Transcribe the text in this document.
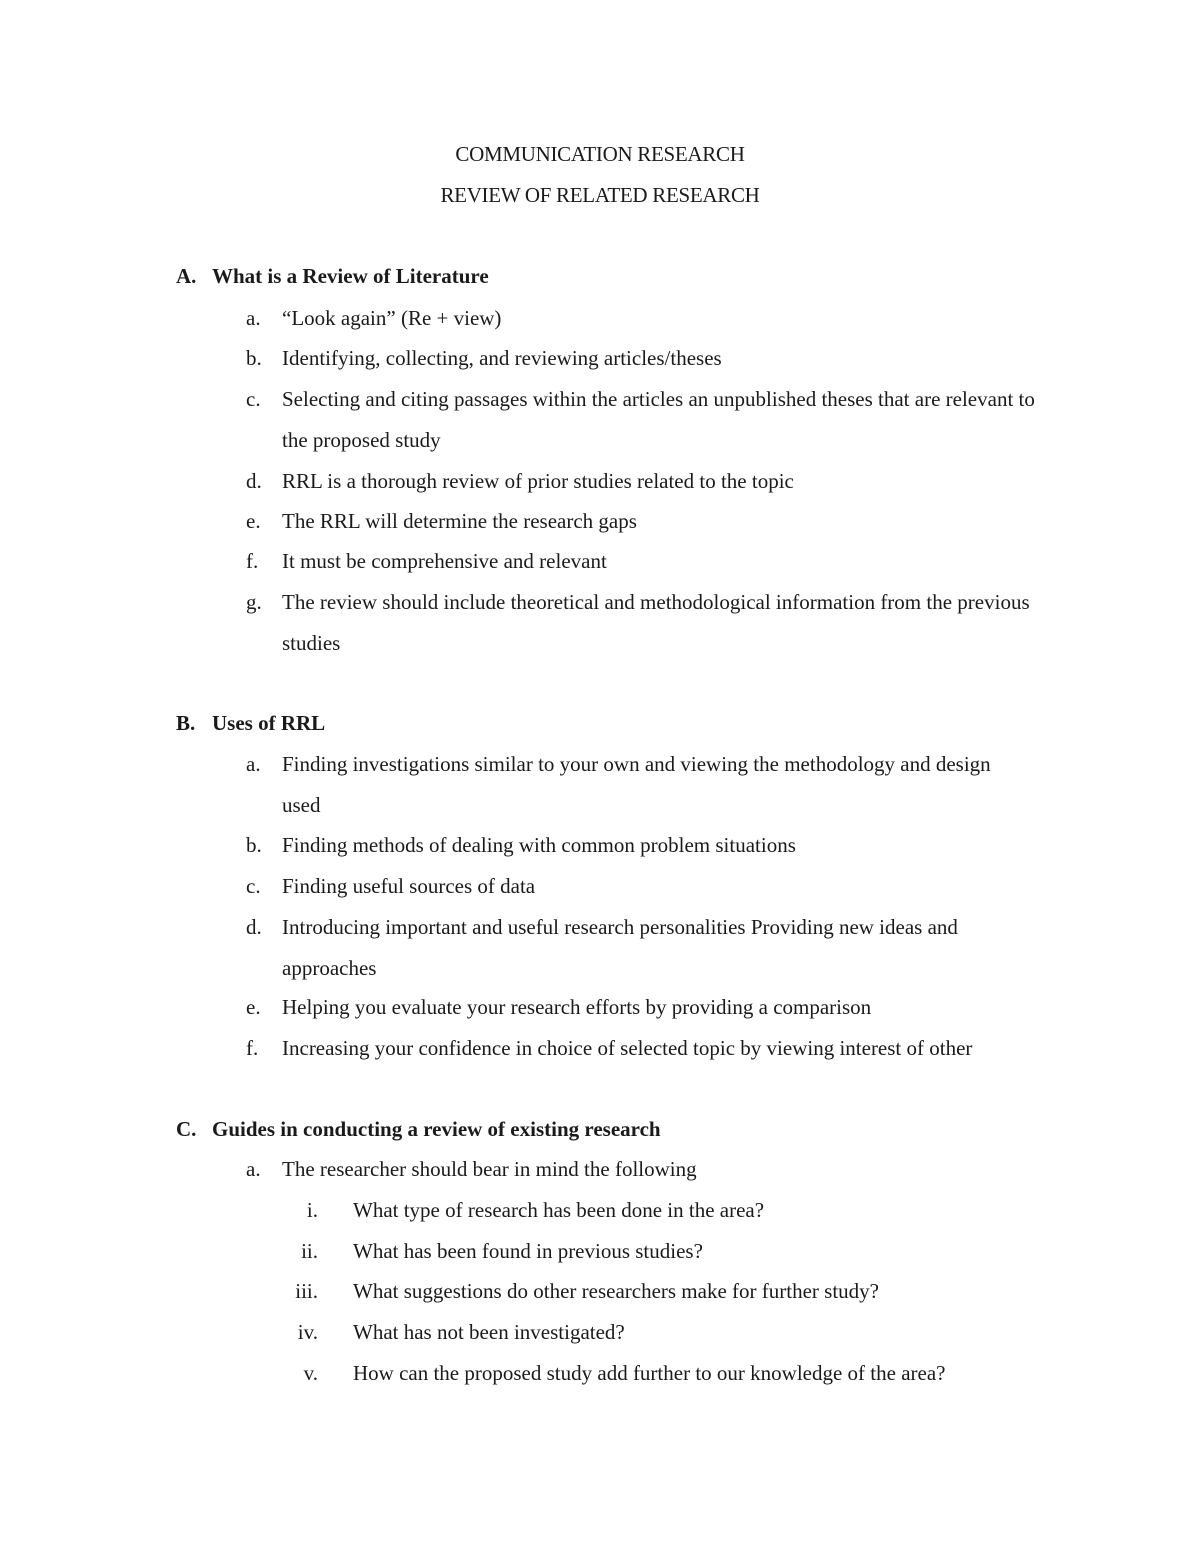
COMMUNICATION RESEARCH
REVIEW OF RELATED RESEARCH
A. What is a Review of Literature
a. “Look again” (Re + view)
b. Identifying, collecting, and reviewing articles/theses
c. Selecting and citing passages within the articles an unpublished theses that are relevant to the proposed study
d. RRL is a thorough review of prior studies related to the topic
e. The RRL will determine the research gaps
f. It must be comprehensive and relevant
g. The review should include theoretical and methodological information from the previous studies
B. Uses of RRL
a. Finding investigations similar to your own and viewing the methodology and design used
b. Finding methods of dealing with common problem situations
c. Finding useful sources of data
d. Introducing important and useful research personalities Providing new ideas and approaches
e. Helping you evaluate your research efforts by providing a comparison
f. Increasing your confidence in choice of selected topic by viewing interest of other
C. Guides in conducting a review of existing research
a. The researcher should bear in mind the following
i. What type of research has been done in the area?
ii. What has been found in previous studies?
iii. What suggestions do other researchers make for further study?
iv. What has not been investigated?
v. How can the proposed study add further to our knowledge of the area?
